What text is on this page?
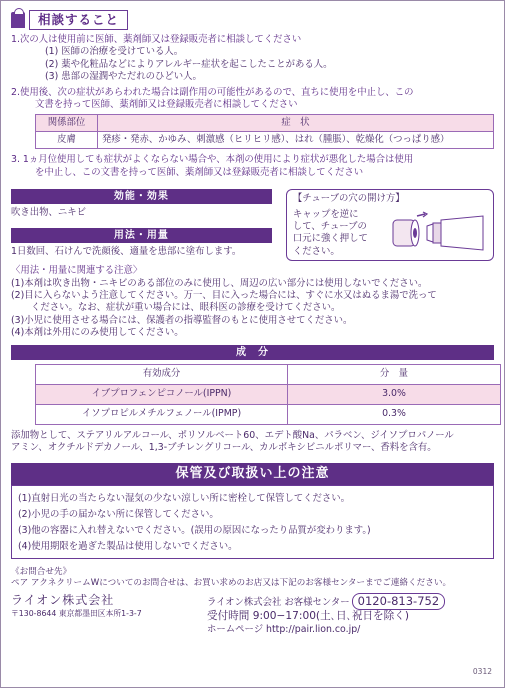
相談すること
1.次の人は使用前に医師、薬剤師又は登録販売者に相談してください
(1) 医師の治療を受けている人。
(2) 薬や化粧品などによりアレルギー症状を起こしたことがある人。
(3) 患部の湿潤やただれのひどい人。
2.使用後、次の症状があらわれた場合は副作用の可能性があるので、直ちに使用を中止し、この
文書を持って医師、薬剤師又は登録販売者に相談してください
関係部位	症　状
皮膚	発疹・発赤、かゆみ、刺激感（ヒリヒリ感）、はれ（腫脹）、乾燥化（つっぱり感）
3. 1ヵ月位使用しても症状がよくならない場合や、本剤の使用により症状が悪化した場合は使用
を中止し、この文書を持って医師、薬剤師又は登録販売者に相談してください
効能・効果
吹き出物、ニキビ
用法・用量
1日数回、石けんで洗顔後、適量を患部に塗布します。
【チューブの穴の開け方】
キャップを逆に
して、チューブの
口元に強く押して
ください。
〈用法・用量に関連する注意〉
(1)本剤は吹き出物・ニキビのある部位のみに使用し、周辺の広い部分には使用しないでください。
(2)目に入らないよう注意してください。万一、目に入った場合には、すぐに水又はぬるま湯で洗って
ください。なお、症状が重い場合には、眼科医の診療を受けてください。
(3)小児に使用させる場合には、保護者の指導監督のもとに使用させてください。
(4)本剤は外用にのみ使用してください。
成　分
有効成分	分　量
イブプロフェンピコノール(IPPN)	3.0%
イソプロピルメチルフェノール(IPMP)	0.3%
添加物として、ステアリルアルコール、ポリソルベート60、エデト酸Na、パラベン、ジイソプロパノール
アミン、オクチルドデカノール、1,3-ブチレングリコール、カルボキシビニルポリマー、香料を含有。
保管及び取扱い上の注意
(1)直射日光の当たらない湿気の少ない涼しい所に密栓して保管してください。
(2)小児の手の届かない所に保管してください。
(3)他の容器に入れ替えないでください。(誤用の原因になったり品質が変わります。)
(4)使用期限を過ぎた製品は使用しないでください。
《お問合せ先》
ペア アクネクリームWについてのお問合せは、お買い求めのお店又は下記のお客様センターまでご連絡ください。
ライオン株式会社
〒130-8644 東京都墨田区本所1-3-7
ライオン株式会社 お客様センター 0120-813-752
受付時間 9:00−17:00(土､日､祝日を除く)
ホームページ http://pair.lion.co.jp/
0312
